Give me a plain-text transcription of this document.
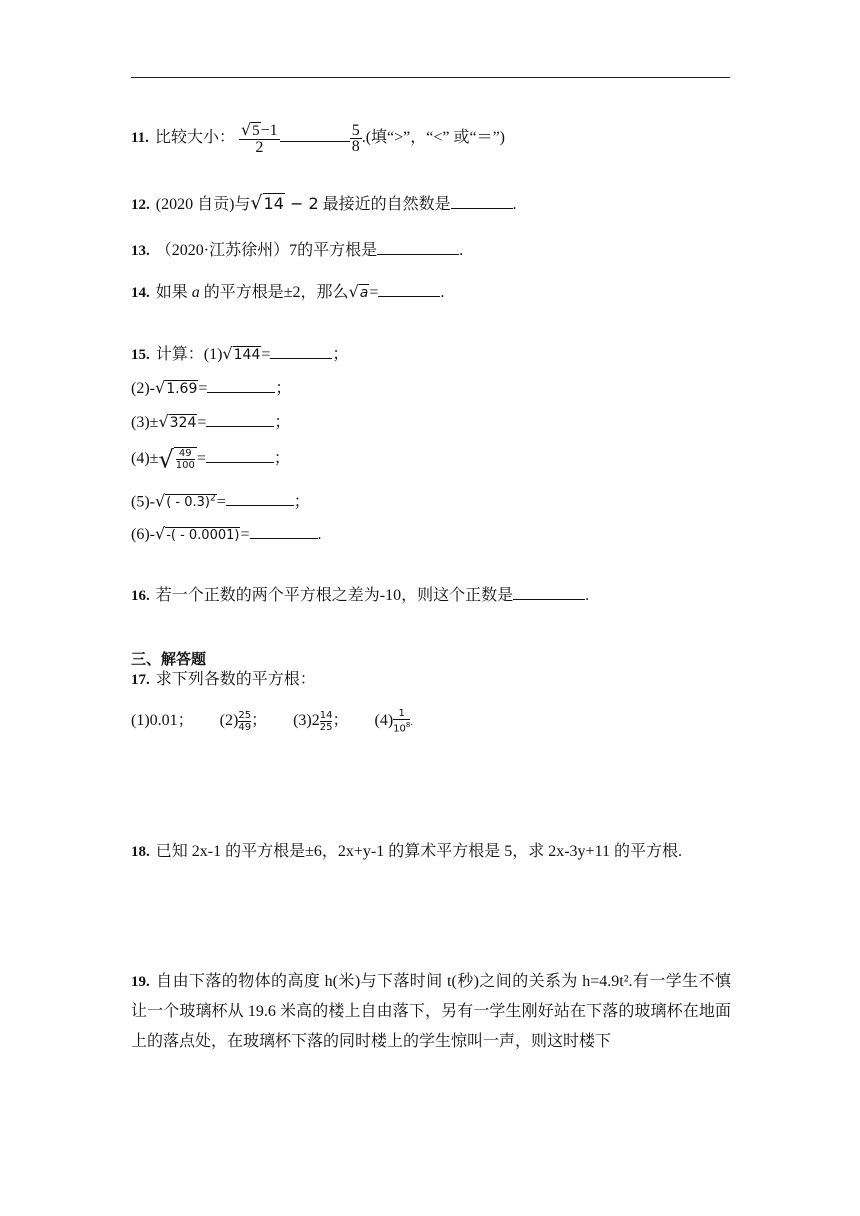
11. 比较大小： $\frac{√5-1}{2}$	$\frac{5}{8}$ .(填“>”，“<” 或“＝”)
12. (2020 自贡)与√14 − 2 最接近的自然数是	.
13. （2020·江苏徐州）7的平方根是	.
14. 如果 a 的平方根是±2，那么√a=	.
15. 计算：(1)√144=	；
(2)-√1.69=	；
(3)±√324=	；
$(4)\pm√ \frac{49}{100}$ =	；
(5)-√( - 0.3)$^2$=	；
(6)-√-( - 0.0001)=	.
16. 若一个正数的两个平方根之差为-10，则这个正数是	.
三、解答题
17. 求下列各数的平方根：
(1)0.01； $(2) \frac{25}{49}$ ； $(3)2 \frac{14}{25}$ ； $(4) \frac{1}{10^8}$ .
18. 已知 2x-1 的平方根是±6，2x+y-1 的算术平方根是 5，求 2x-3y+11 的平方根.
19. 自由下落的物体的高度 h(米)与下落时间 t(秒)之间的关系为 h=4.9t².有一学生不慎让一个玻璃杯从 19.6 米高的楼上自由落下，另有一学生刚好站在下落的玻璃杯在地面上的落点处，在玻璃杯下落的同时楼上的学生惊叫一声，则这时楼下
